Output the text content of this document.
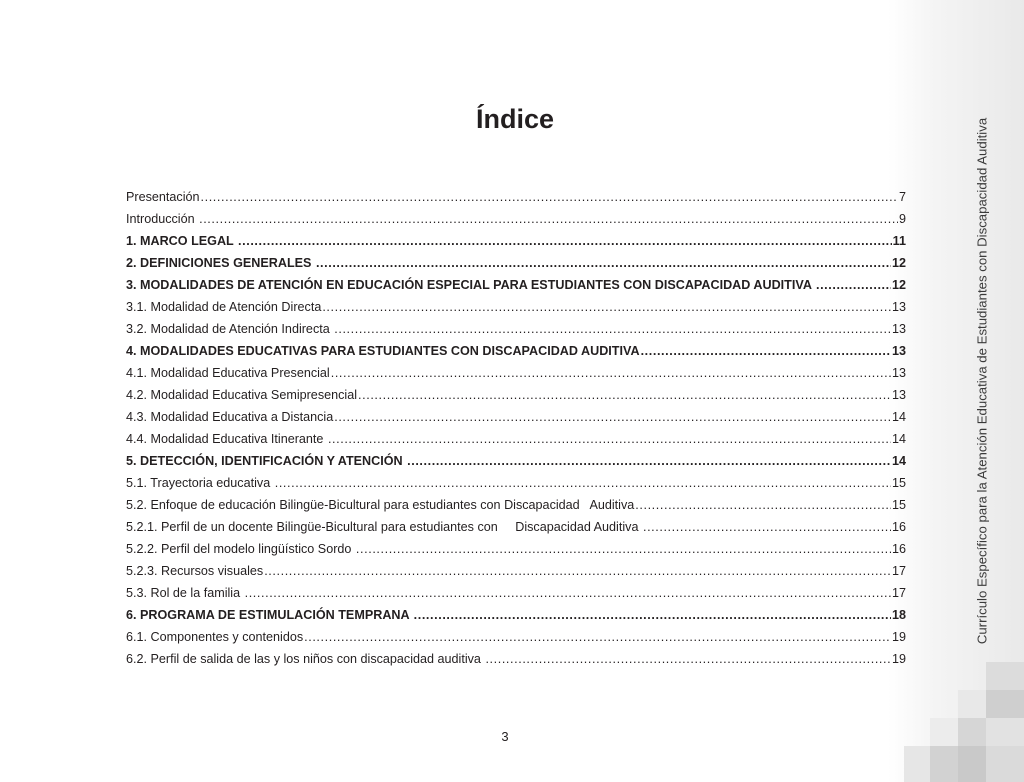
Índice
Presentación .....	7
Introducción .....	9
1. MARCO LEGAL .....	11
2. DEFINICIONES GENERALES .....	12
3. MODALIDADES DE ATENCIÓN EN EDUCACIÓN ESPECIAL PARA ESTUDIANTES CON DISCAPACIDAD AUDITIVA .....	12
3.1. Modalidad de Atención Directa .....	13
3.2. Modalidad de Atención Indirecta .....	13
4. MODALIDADES EDUCATIVAS PARA ESTUDIANTES CON DISCAPACIDAD AUDITIVA .....	13
4.1. Modalidad Educativa Presencial .....	13
4.2. Modalidad Educativa Semipresencial .....	13
4.3. Modalidad Educativa a Distancia .....	14
4.4. Modalidad Educativa Itinerante .....	14
5. DETECCIÓN, IDENTIFICACIÓN Y ATENCIÓN .....	14
5.1. Trayectoria educativa .....	15
5.2. Enfoque de educación Bilingüe-Bicultural para estudiantes con Discapacidad   Auditiva .....	15
5.2.1. Perfil de un docente Bilingüe-Bicultural para estudiantes con     Discapacidad Auditiva .....	16
5.2.2. Perfil del modelo lingüístico Sordo .....	16
5.2.3. Recursos visuales .....	17
5.3. Rol de la familia .....	17
6. PROGRAMA DE ESTIMULACIÓN TEMPRANA .....	18
6.1. Componentes y contenidos .....	19
6.2. Perfil de salida de las y los niños con discapacidad auditiva .....	19
3
Currículo Específico para la Atención Educativa de Estudiantes con Discapacidad Auditiva
